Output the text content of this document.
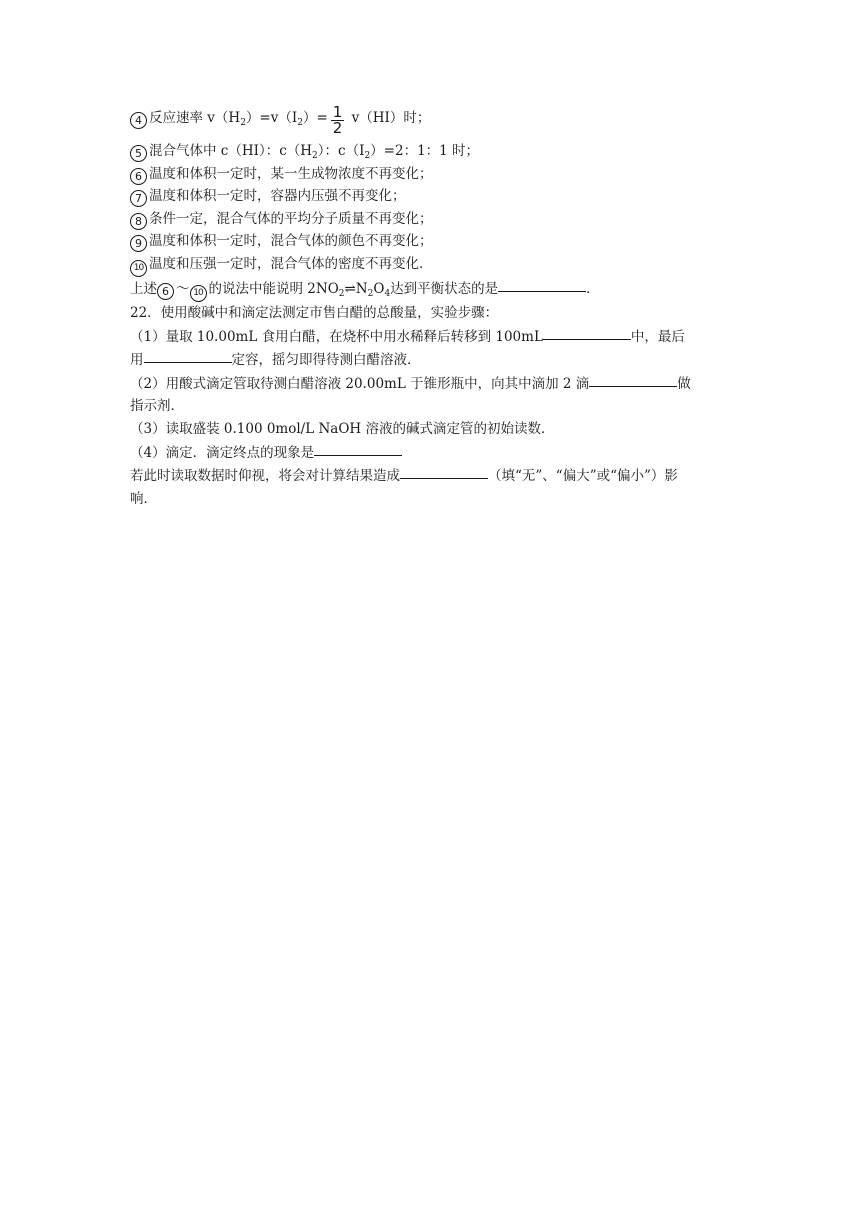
4 反应速率 $v(H_2)=v(I_2)= \frac{1}{2} v(HI)$时；
5 混合气体中 c（HI）：$c(H_2)$：$c(I_2)=2$：1：1 时；
6 温度和体积一定时，某一生成物浓度不再变化；
7 温度和体积一定时，容器内压强不再变化；
8 条件一定，混合气体的平均分子质量不再变化；
9 温度和体积一定时，混合气体的颜色不再变化；
10 温度和压强一定时，混合气体的密度不再变化．
上述 6 ～ 10 的说法中能说明 $2NO_2\rightleftharpoons N_2O_4$达到平衡状态的是	．
22．使用酸碱中和滴定法测定市售白醋的总酸量，实验步骤：
（1）量取 10.00mL 食用白醋，在烧杯中用水稀释后转移到 100mL	中，最后
用	定容，摇匀即得待测白醋溶液．
（2）用酸式滴定管取待测白醋溶液 20.00mL 于锥形瓶中，向其中滴加 2 滴	做
指示剂．
（3）读取盛装 0.100 0mol/L NaOH 溶液的碱式滴定管的初始读数．
（4）滴定．滴定终点的现象是
若此时读取数据时仰视，将会对计算结果造成	（填“无”、“偏大”或“偏小”）影
响．
